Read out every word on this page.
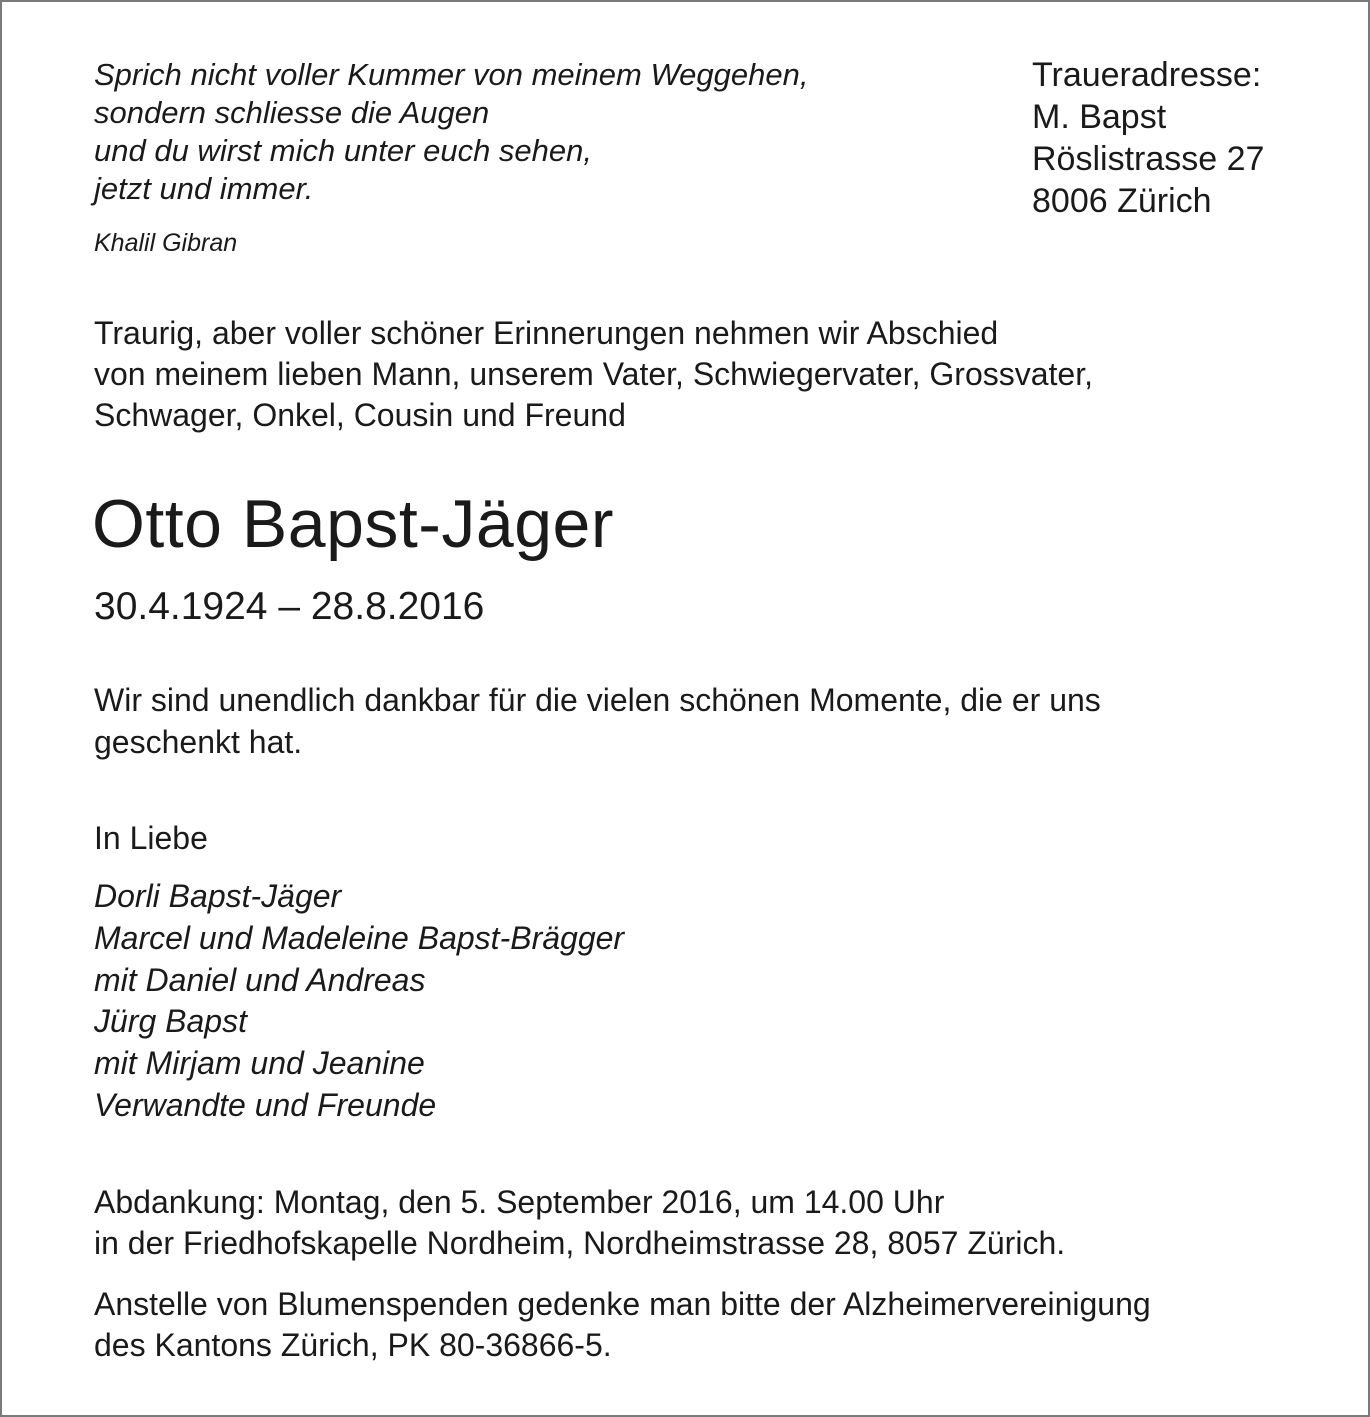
Sprich nicht voller Kummer von meinem Weggehen,
sondern schliesse die Augen
und du wirst mich unter euch sehen,
jetzt und immer.
Khalil Gibran
Traueradresse:
M. Bapst
Röslistrasse 27
8006 Zürich
Traurig, aber voller schöner Erinnerungen nehmen wir Abschied
von meinem lieben Mann, unserem Vater, Schwiegervater, Grossvater,
Schwager, Onkel, Cousin und Freund
Otto Bapst-Jäger
30.4.1924 – 28.8.2016
Wir sind unendlich dankbar für die vielen schönen Momente, die er uns
geschenkt hat.
In Liebe
Dorli Bapst-Jäger
Marcel und Madeleine Bapst-Brägger
mit Daniel und Andreas
Jürg Bapst
mit Mirjam und Jeanine
Verwandte und Freunde
Abdankung: Montag, den 5. September 2016, um 14.00 Uhr
in der Friedhofskapelle Nordheim, Nordheimstrasse 28, 8057 Zürich.
Anstelle von Blumenspenden gedenke man bitte der Alzheimervereinigung
des Kantons Zürich, PK 80-36866-5.
